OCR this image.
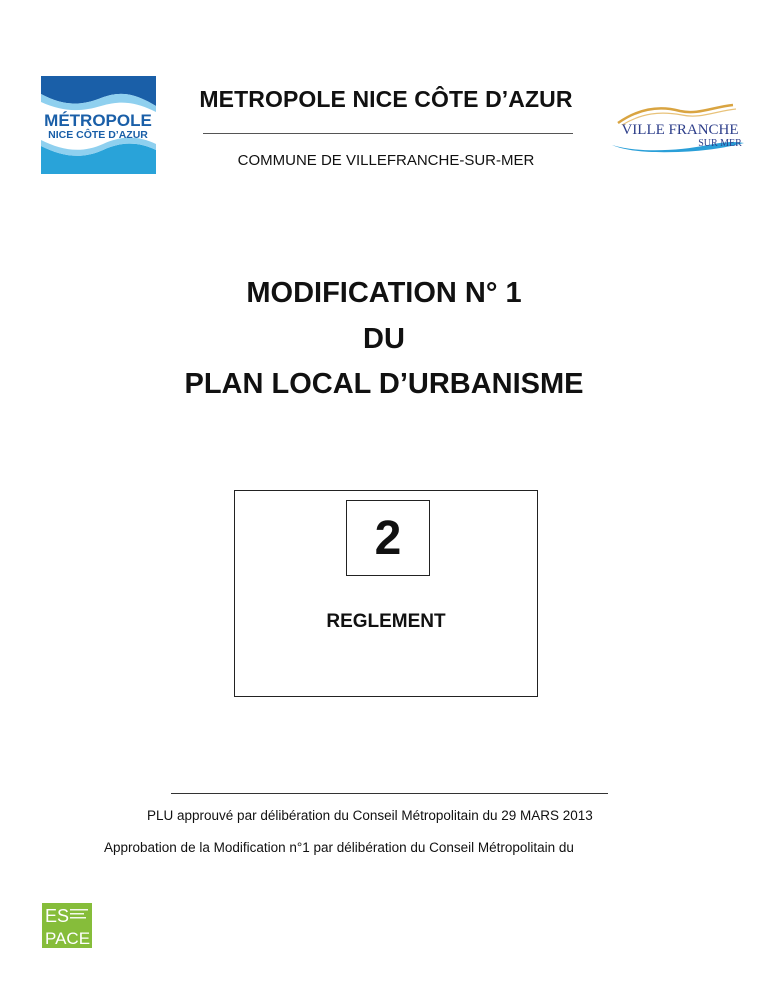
MÉTROPOLE
NICE CÔTE D’AZUR
METROPOLE NICE CÔTE D’AZUR
COMMUNE DE VILLEFRANCHE-SUR-MER
VILLE FRANCHE
SUR MER
MODIFICATION N° 1
DU
PLAN LOCAL D’URBANISME
2
REGLEMENT
PLU approuvé par délibération du Conseil Métropolitain du 29 MARS 2013
Approbation de la Modification n°1 par délibération du Conseil Métropolitain du
ES
PACE
